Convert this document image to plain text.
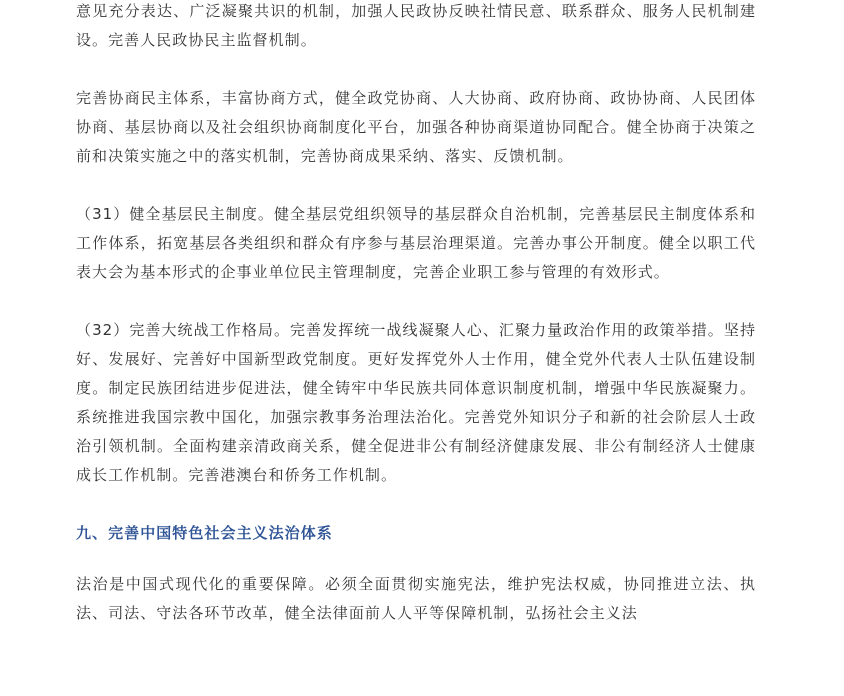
意见充分表达、广泛凝聚共识的机制，加强人民政协反映社情民意、联系群众、服务人民机制建设。完善人民政协民主监督机制。

完善协商民主体系，丰富协商方式，健全政党协商、人大协商、政府协商、政协协商、人民团体协商、基层协商以及社会组织协商制度化平台，加强各种协商渠道协同配合。健全协商于决策之前和决策实施之中的落实机制，完善协商成果采纳、落实、反馈机制。

（31）健全基层民主制度。健全基层党组织领导的基层群众自治机制，完善基层民主制度体系和工作体系，拓宽基层各类组织和群众有序参与基层治理渠道。完善办事公开制度。健全以职工代表大会为基本形式的企事业单位民主管理制度，完善企业职工参与管理的有效形式。

（32）完善大统战工作格局。完善发挥统一战线凝聚人心、汇聚力量政治作用的政策举措。坚持好、发展好、完善好中国新型政党制度。更好发挥党外人士作用，健全党外代表人士队伍建设制度。制定民族团结进步促进法，健全铸牢中华民族共同体意识制度机制，增强中华民族凝聚力。系统推进我国宗教中国化，加强宗教事务治理法治化。完善党外知识分子和新的社会阶层人士政治引领机制。全面构建亲清政商关系，健全促进非公有制经济健康发展、非公有制经济人士健康成长工作机制。完善港澳台和侨务工作机制。

九、完善中国特色社会主义法治体系

法治是中国式现代化的重要保障。必须全面贯彻实施宪法，维护宪法权威，协同推进立法、执法、司法、守法各环节改革，健全法律面前人人平等保障机制，弘扬社会主义法
